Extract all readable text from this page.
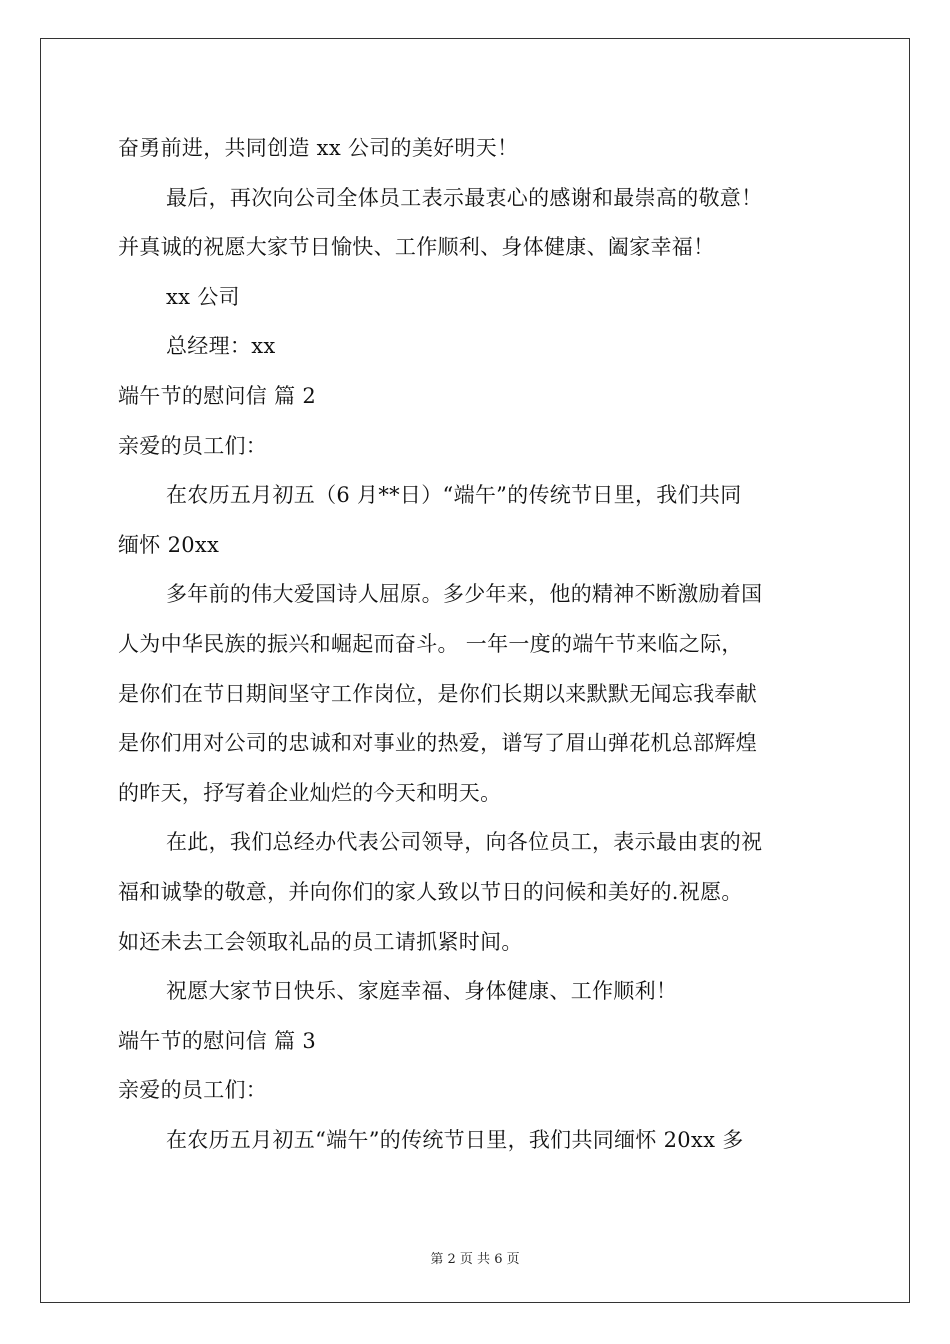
奋勇前进，共同创造 xx 公司的美好明天！
最后，再次向公司全体员工表示最衷心的感谢和最崇高的敬意！
并真诚的祝愿大家节日愉快、工作顺利、身体健康、阖家幸福！
xx 公司
总经理：xx
端午节的慰问信 篇 2
亲爱的员工们：
在农历五月初五（6 月**日）“端午”的传统节日里，我们共同
缅怀 20xx
多年前的伟大爱国诗人屈原。多少年来，他的精神不断激励着国
人为中华民族的振兴和崛起而奋斗。 一年一度的端午节来临之际，
是你们在节日期间坚守工作岗位，是你们长期以来默默无闻忘我奉献
是你们用对公司的忠诚和对事业的热爱，谱写了眉山弹花机总部辉煌
的昨天，抒写着企业灿烂的今天和明天。
在此，我们总经办代表公司领导，向各位员工，表示最由衷的祝
福和诚挚的敬意，并向你们的家人致以节日的问候和美好的.祝愿。
如还未去工会领取礼品的员工请抓紧时间。
祝愿大家节日快乐、家庭幸福、身体健康、工作顺利！
端午节的慰问信 篇 3
亲爱的员工们：
在农历五月初五“端午”的传统节日里，我们共同缅怀 20xx 多
第 2 页 共 6 页
